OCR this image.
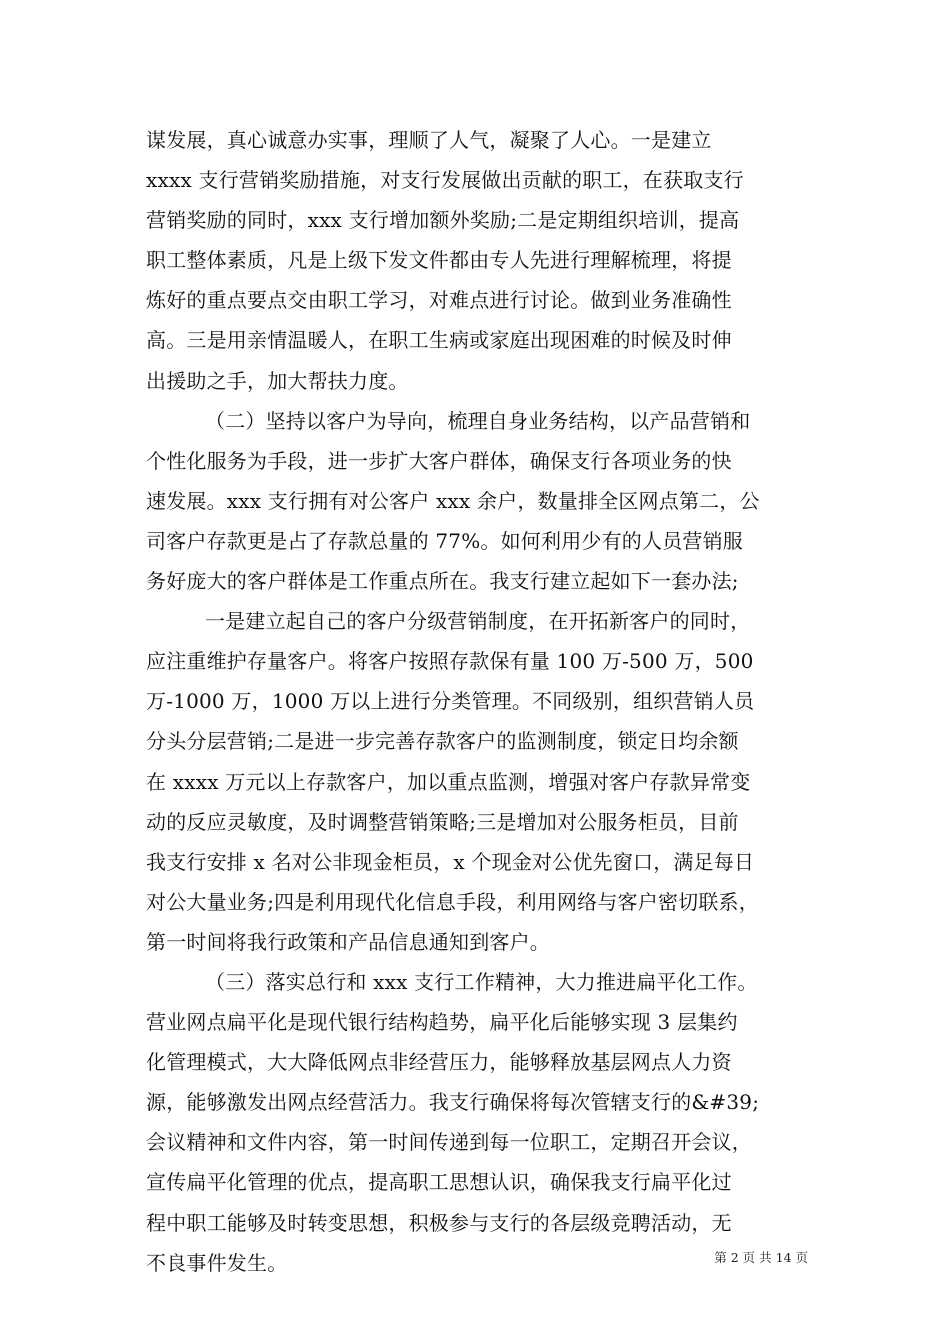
谋发展，真心诚意办实事，理顺了人气，凝聚了人心。一是建立
xxxx 支行营销奖励措施，对支行发展做出贡献的职工，在获取支行
营销奖励的同时，xxx 支行增加额外奖励;二是定期组织培训，提高
职工整体素质，凡是上级下发文件都由专人先进行理解梳理，将提
炼好的重点要点交由职工学习，对难点进行讨论。做到业务准确性
高。三是用亲情温暖人，在职工生病或家庭出现困难的时候及时伸
出援助之手，加大帮扶力度。
（二）坚持以客户为导向，梳理自身业务结构，以产品营销和
个性化服务为手段，进一步扩大客户群体，确保支行各项业务的快
速发展。xxx 支行拥有对公客户 xxx 余户，数量排全区网点第二，公
司客户存款更是占了存款总量的 77%。如何利用少有的人员营销服
务好庞大的客户群体是工作重点所在。我支行建立起如下一套办法;
一是建立起自己的客户分级营销制度，在开拓新客户的同时，
应注重维护存量客户。将客户按照存款保有量 100 万-500 万，500
万-1000 万，1000 万以上进行分类管理。不同级别，组织营销人员
分头分层营销;二是进一步完善存款客户的监测制度，锁定日均余额
在 xxxx 万元以上存款客户，加以重点监测，增强对客户存款异常变
动的反应灵敏度，及时调整营销策略;三是增加对公服务柜员，目前
我支行安排 x 名对公非现金柜员，x 个现金对公优先窗口，满足每日
对公大量业务;四是利用现代化信息手段，利用网络与客户密切联系，
第一时间将我行政策和产品信息通知到客户。
（三）落实总行和 xxx 支行工作精神，大力推进扁平化工作。
营业网点扁平化是现代银行结构趋势，扁平化后能够实现 3 层集约
化管理模式，大大降低网点非经营压力，能够释放基层网点人力资
源，能够激发出网点经营活力。我支行确保将每次管辖支行的&#39;
会议精神和文件内容，第一时间传递到每一位职工，定期召开会议，
宣传扁平化管理的优点，提高职工思想认识，确保我支行扁平化过
程中职工能够及时转变思想，积极参与支行的各层级竞聘活动，无
不良事件发生。	第 2 页 共 14 页
